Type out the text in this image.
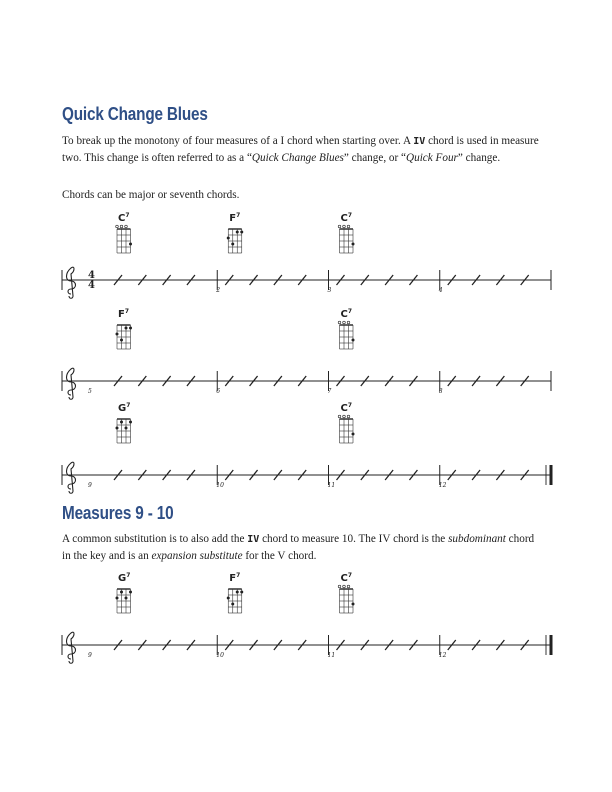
Quick Change Blues

To break up the monotony of four measures of a I chord when starting over. A IV chord is used in measure two. This change is often referred to as a “Quick Change Blues” change, or “Quick Four” change.

Chords can be major or seventh chords.

Measures 9 - 10

A common substitution is to also add the IV chord to measure 10. The IV chord is the subdominant chord in the key and is an expansion substitute for the V chord.

$C^7$	$F^7$	$C^7$
4
4	2	3	4
$F^7$	$C^7$
5	6	7	8
$G^7$	$C^7$
9	10	11	12
$G^7$	$F^7$	$C^7$
9	10	11	12
